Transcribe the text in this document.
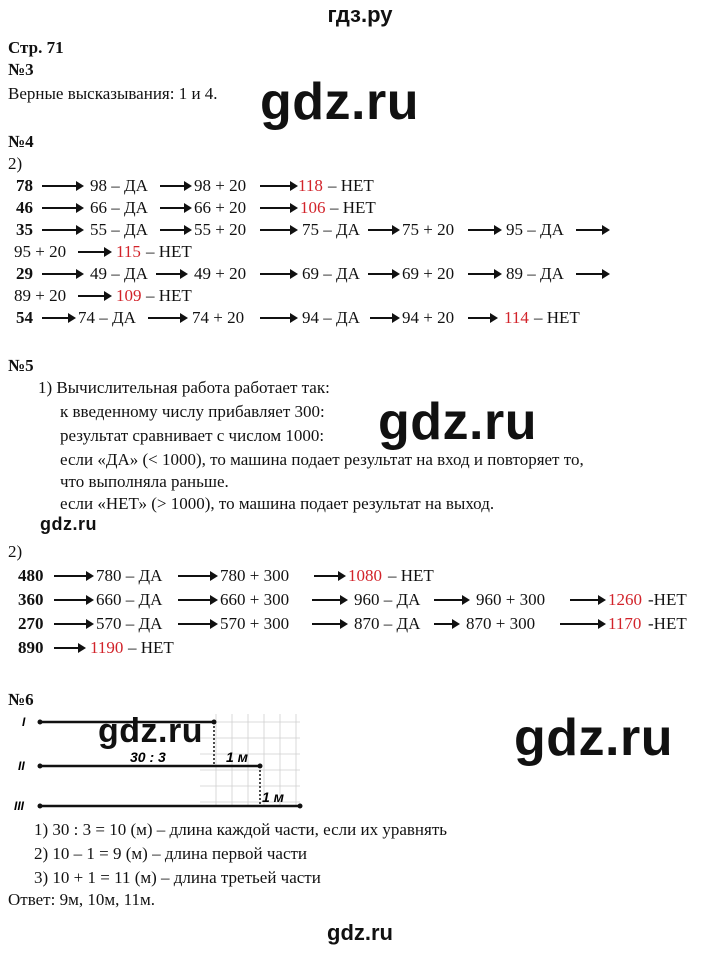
гдз.ру
Стр. 71
№3
Верные высказывания: 1 и 4. gdz.ru
№4
2)
78	98 – ДА	98 + 20	118 – НЕТ
46	66 – ДА	66 + 20	106 – НЕТ
35	55 – ДА	55 + 20	75 – ДА 75 + 20	95 – ДА
95 + 20	115 – НЕТ
29	49 – ДА	49 + 20	69 – ДА 69 + 20	89 – ДА
89 + 20	109 – НЕТ
54	74 – ДА	74 + 20	94 – ДА 94 + 20	114 – НЕТ
№5
1) Вычислительная работа работает так:
к введенному числу прибавляет 300:
результат сравнивает с числом 1000:
если «ДА» (< 1000), то машина подает результат на вход и повторяет то,
что выполняла раньше.
если «НЕТ» (> 1000), то машина подает результат на выход.
gdz.ru
gdz.ru
2)
480	780 – ДА	780 + 300	1080 – НЕТ
360	660 – ДА	660 + 300	960 – ДА	960 + 300	1260 -НЕТ
270	570 – ДА	570 + 300	870 – ДА	870 + 300	1170 -НЕТ
890	1190 – НЕТ
№6
I
II
III
30 : 3	1 м
1 м
gdz.ru	gdz.ru
1) 30 : 3 = 10 (м) – длина каждой части, если их уравнять
2) 10 – 1 = 9 (м) – длина первой части
3) 10 + 1 = 11 (м) – длина третьей части
Ответ: 9м, 10м, 11м.
gdz.ru
